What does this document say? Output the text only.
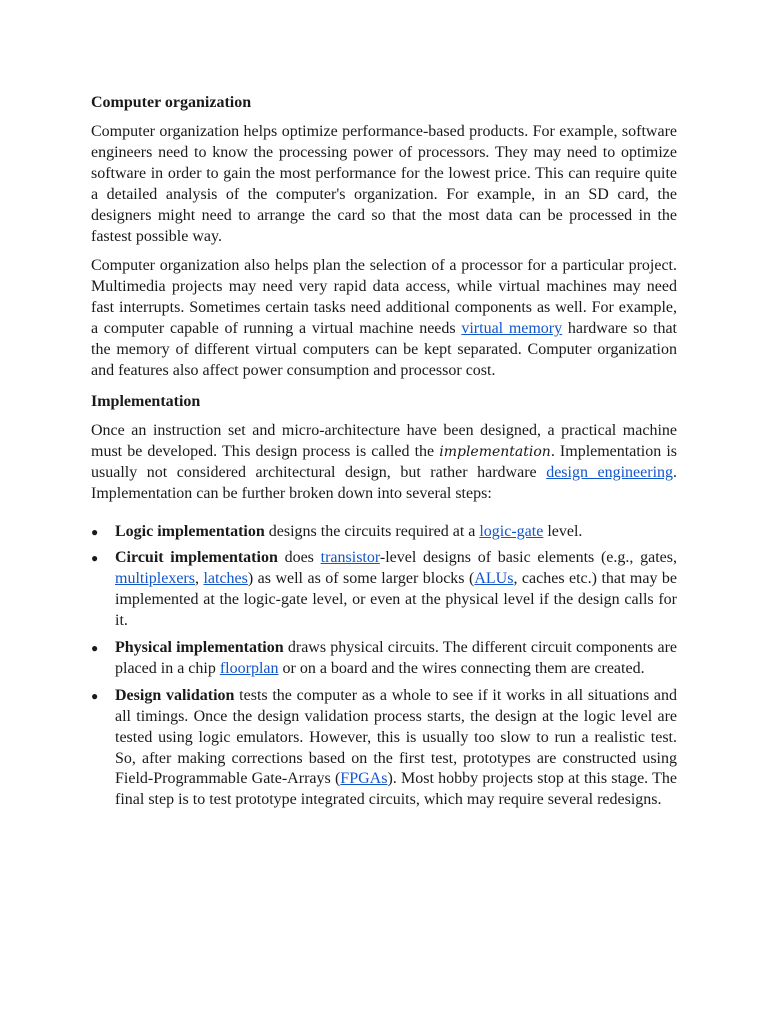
Computer organization

Computer organization helps optimize performance-based products. For example, software engineers need to know the processing power of processors. They may need to optimize software in order to gain the most performance for the lowest price. This can require quite a detailed analysis of the computer's organization. For example, in an SD card, the designers might need to arrange the card so that the most data can be processed in the fastest possible way.

Computer organization also helps plan the selection of a processor for a particular project. Multimedia projects may need very rapid data access, while virtual machines may need fast interrupts. Sometimes certain tasks need additional components as well. For example, a computer capable of running a virtual machine needs virtual memory hardware so that the memory of different virtual computers can be kept separated. Computer organization and features also affect power consumption and processor cost.

Implementation

Once an instruction set and micro-architecture have been designed, a practical machine must be developed. This design process is called the implementation. Implementation is usually not considered architectural design, but rather hardware design engineering. Implementation can be further broken down into several steps:

● Logic implementation designs the circuits required at a logic-gate level.
● Circuit implementation does transistor-level designs of basic elements (e.g., gates, multiplexers, latches) as well as of some larger blocks (ALUs, caches etc.) that may be implemented at the logic-gate level, or even at the physical level if the design calls for it.
● Physical implementation draws physical circuits. The different circuit components are placed in a chip floorplan or on a board and the wires connecting them are created.
● Design validation tests the computer as a whole to see if it works in all situations and all timings. Once the design validation process starts, the design at the logic level are tested using logic emulators. However, this is usually too slow to run a realistic test. So, after making corrections based on the first test, prototypes are constructed using Field-Programmable Gate-Arrays (FPGAs). Most hobby projects stop at this stage. The final step is to test prototype integrated circuits, which may require several redesigns.
